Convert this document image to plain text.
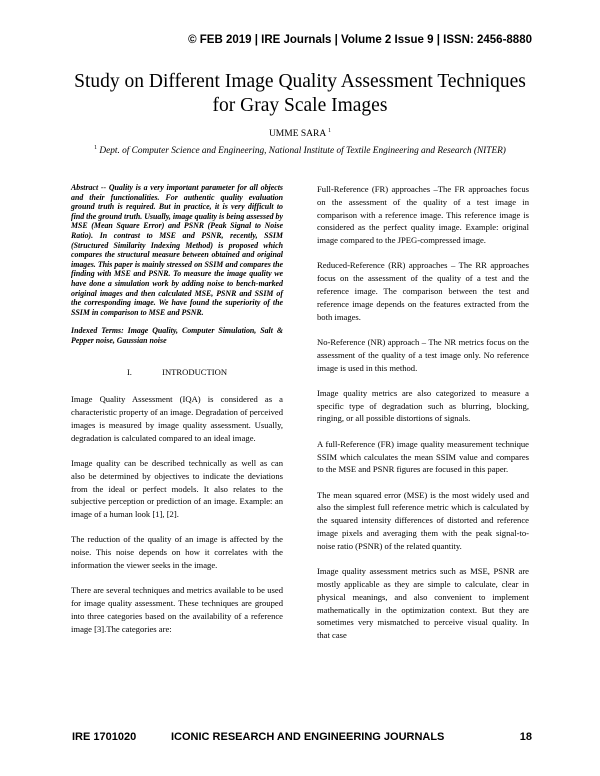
© FEB 2019 | IRE Journals | Volume 2 Issue 9 | ISSN: 2456-8880
Study on Different Image Quality Assessment Techniques
for Gray Scale Images
UMME SARA $^1$
$^1$ Dept. of Computer Science and Engineering, National Institute of Textile Engineering and Research (NITER)

Abstract -- Quality is a very important parameter for all objects and their functionalities. For authentic quality evaluation ground truth is required. But in practice, it is very difficult to find the ground truth. Usually, image quality is being assessed by MSE (Mean Square Error) and PSNR (Peak Signal to Noise Ratio). In contrast to MSE and PSNR, recently, SSIM (Structured Similarity Indexing Method) is proposed which compares the structural measure between obtained and original images. This paper is mainly stressed on SSIM and compares the finding with MSE and PSNR. To measure the image quality we have done a simulation work by adding noise to bench-marked original images and then calculated MSE, PSNR and SSIM of the corresponding image. We have found the superiority of the SSIM in comparison to MSE and PSNR.

Indexed Terms: Image Quality, Computer Simulation, Salt & Pepper noise, Gaussian noise

I.	INTRODUCTION

Image Quality Assessment (IQA) is considered as a characteristic property of an image. Degradation of perceived images is measured by image quality assessment. Usually, degradation is calculated compared to an ideal image.

Image quality can be described technically as well as can also be determined by objectives to indicate the deviations from the ideal or perfect models. It also relates to the subjective perception or prediction of an image. Example: an image of a human look [1], [2].

The reduction of the quality of an image is affected by the noise. This noise depends on how it correlates with the information the viewer seeks in the image.

There are several techniques and metrics available to be used for image quality assessment. These techniques are grouped into three categories based on the availability of a reference image [3].The categories are:

Full-Reference (FR) approaches –The FR approaches focus on the assessment of the quality of a test image in comparison with a reference image. This reference image is considered as the perfect quality image. Example: original image compared to the JPEG-compressed image.

Reduced-Reference (RR) approaches – The RR approaches focus on the assessment of the quality of a test and the reference image. The comparison between the test and reference image depends on the features extracted from the both images.

No-Reference (NR) approach – The NR metrics focus on the assessment of the quality of a test image only. No reference image is used in this method.

Image quality metrics are also categorized to measure a specific type of degradation such as blurring, blocking, ringing, or all possible distortions of signals.

A full-Reference (FR) image quality measurement technique SSIM which calculates the mean SSIM value and compares to the MSE and PSNR figures are focused in this paper.

The mean squared error (MSE) is the most widely used and also the simplest full reference metric which is calculated by the squared intensity differences of distorted and reference image pixels and averaging them with the peak signal-to-noise ratio (PSNR) of the related quantity.

Image quality assessment metrics such as MSE, PSNR are mostly applicable as they are simple to calculate, clear in physical meanings, and also convenient to implement mathematically in the optimization context. But they are sometimes very mismatched to perceive visual quality. In that case

IRE 1701020	ICONIC RESEARCH AND ENGINEERING JOURNALS	18
